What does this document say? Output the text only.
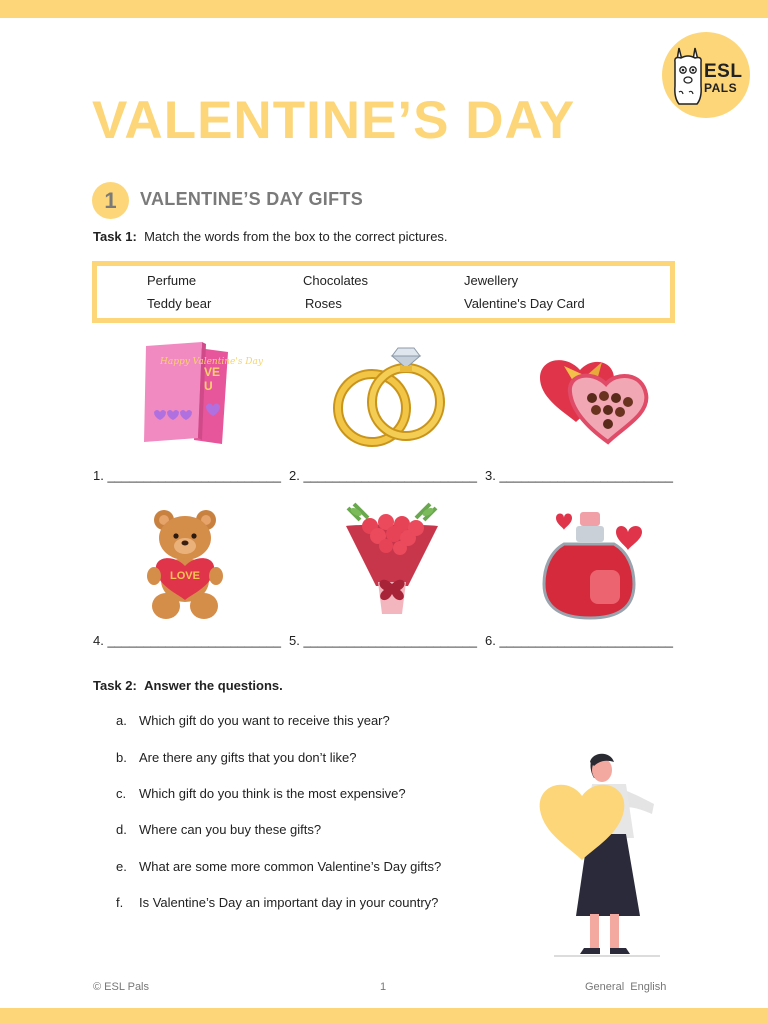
ESL
PALS
VALENTINE’S DAY
1	VALENTINE’S DAY GIFTS
Task 1: Match the words from the box to the correct pictures.
Perfume	Chocolates	Jewellery
Teddy bear	Roses	Valentine's Day Card
Happy Valentine's Day
VE
U
1. ________________________ 2. ________________________ 3. ________________________
LOVE
4. ________________________ 5. ________________________ 6. ________________________
Task 2: Answer the questions.
a. Which gift do you want to receive this year?
b. Are there any gifts that you don’t like?
c. Which gift do you think is the most expensive?
d. Where can you buy these gifts?
e. What are some more common Valentine’s Day gifts?
f. Is Valentine’s Day an important day in your country?
© ESL Pals	1	General  English
